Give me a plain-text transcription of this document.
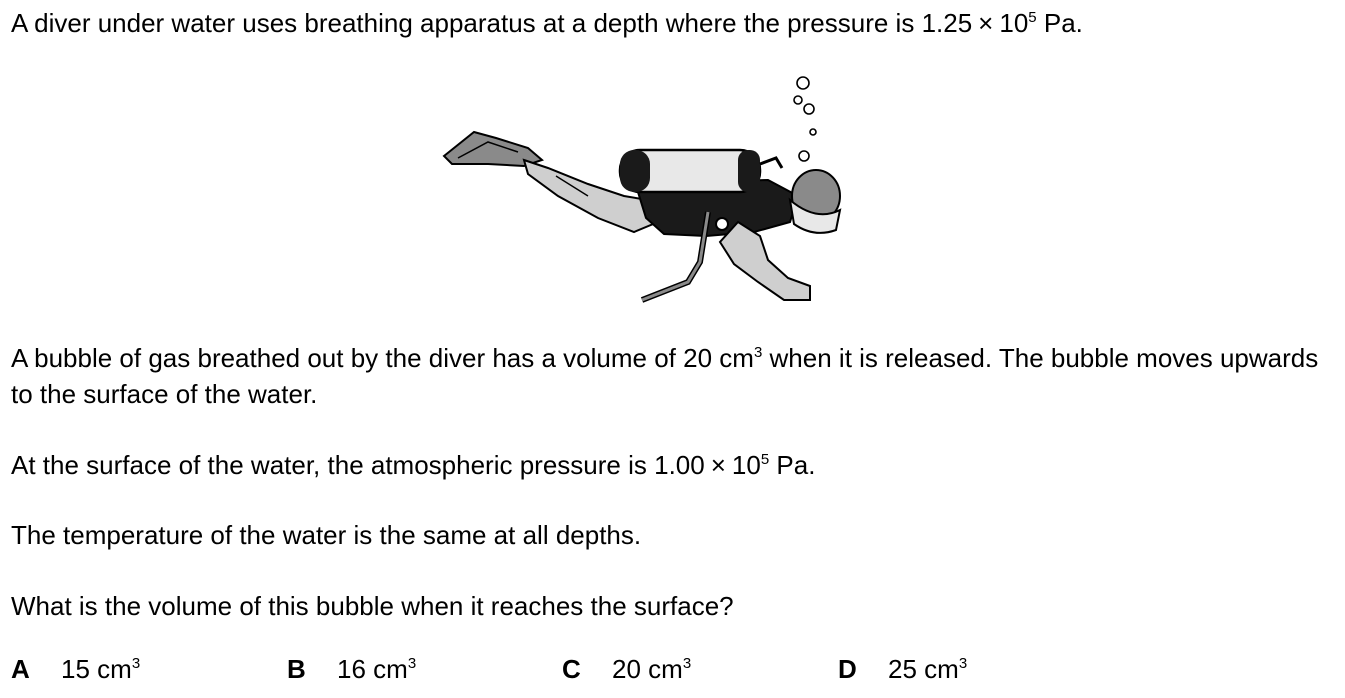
A diver under water uses breathing apparatus at a depth where the pressure is $1.25 \times 10^5$ Pa.
A bubble of gas breathed out by the diver has a volume of 20 $cm^3$ when it is released. The bubble moves upwards to the surface of the water.
At the surface of the water, the atmospheric pressure is $1.00 \times 10^5$ Pa.
The temperature of the water is the same at all depths.
What is the volume of this bubble when it reaches the surface?
A 15 $cm^3$	B 16 $cm^3$	C 20 $cm^3$	D 25 $cm^3$
